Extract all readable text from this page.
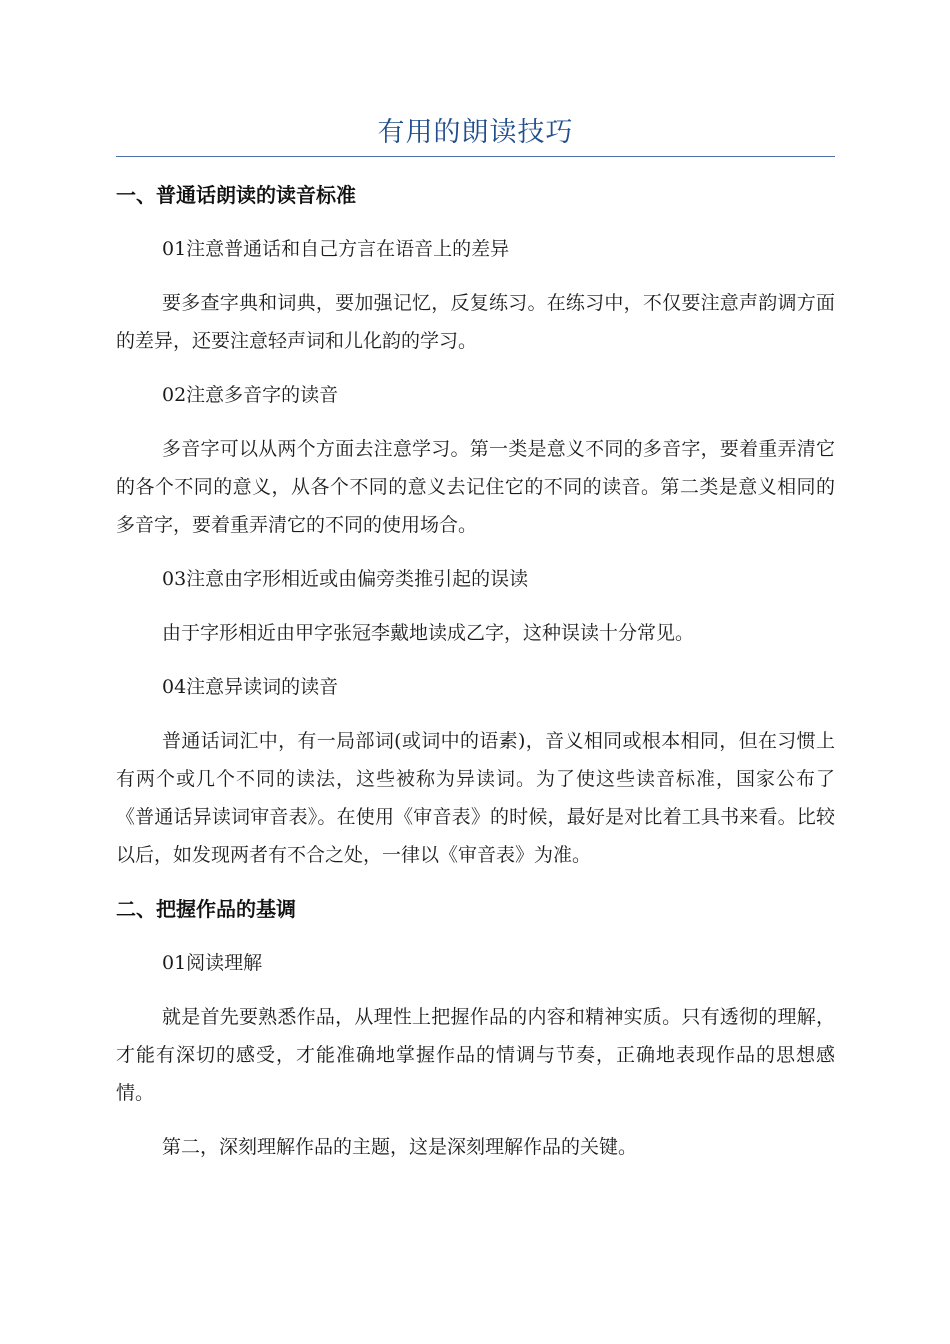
有用的朗读技巧
一、普通话朗读的读音标准
01注意普通话和自己方言在语音上的差异
要多查字典和词典，要加强记忆，反复练习。在练习中，不仅要注意声韵调方面的差异，还要注意轻声词和儿化韵的学习。
02注意多音字的读音
多音字可以从两个方面去注意学习。第一类是意义不同的多音字，要着重弄清它的各个不同的意义，从各个不同的意义去记住它的不同的读音。第二类是意义相同的多音字，要着重弄清它的不同的使用场合。
03注意由字形相近或由偏旁类推引起的误读
由于字形相近由甲字张冠李戴地读成乙字，这种误读十分常见。
04注意异读词的读音
普通话词汇中，有一局部词(或词中的语素)，音义相同或根本相同，但在习惯上有两个或几个不同的读法，这些被称为异读词。为了使这些读音标准，国家公布了《普通话异读词审音表》。在使用《审音表》的时候，最好是对比着工具书来看。比较以后，如发现两者有不合之处，一律以《审音表》为准。
二、把握作品的基调
01阅读理解
就是首先要熟悉作品，从理性上把握作品的内容和精神实质。只有透彻的理解，才能有深切的感受，才能准确地掌握作品的情调与节奏，正确地表现作品的思想感情。
第二，深刻理解作品的主题，这是深刻理解作品的关键。
